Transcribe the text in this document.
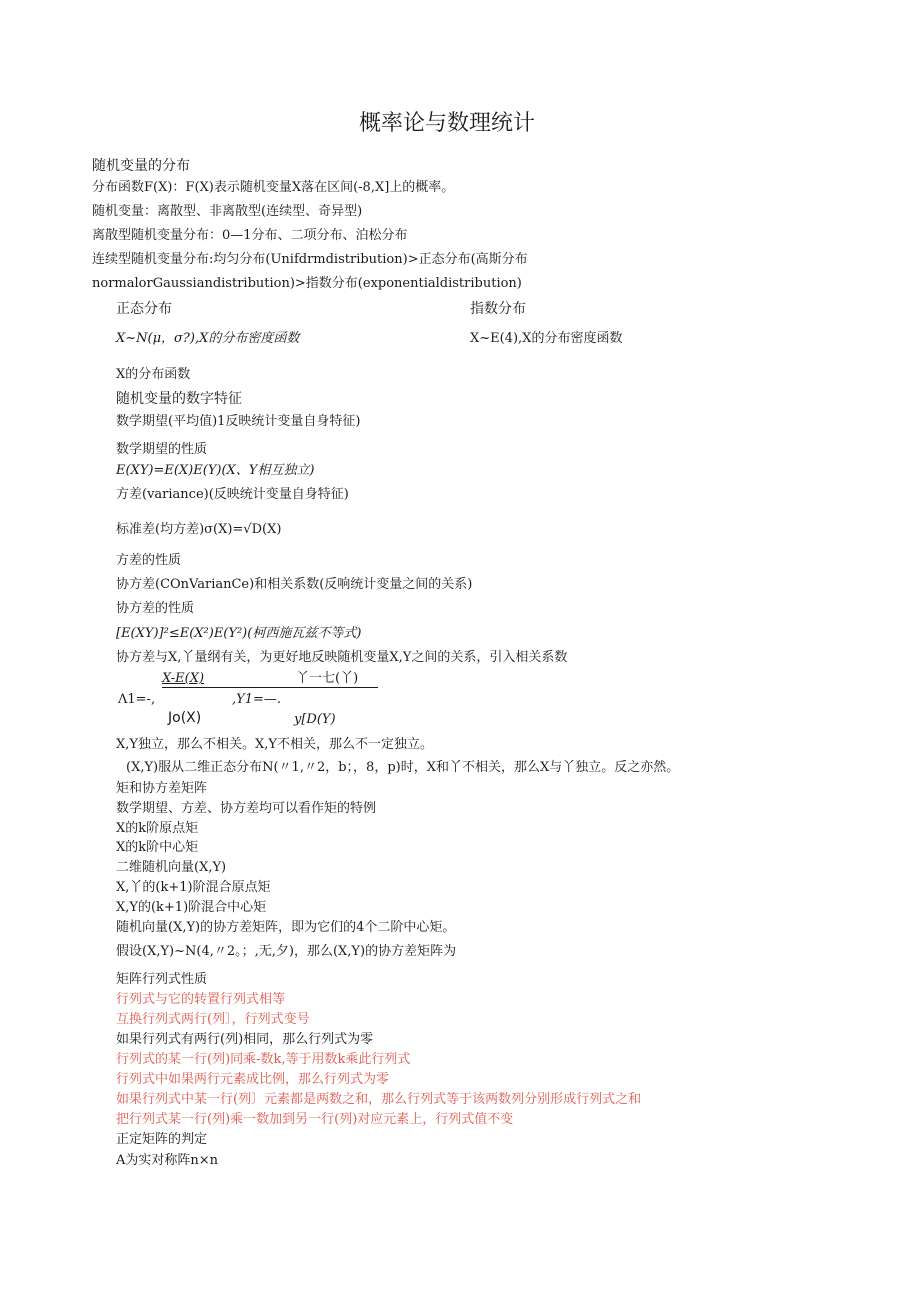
概率论与数理统计
随机变量的分布
分布函数F(X)：F(X)表示随机变量X落在区间(-8,X]上的概率。
随机变量：离散型、非离散型(连续型、奇异型)
离散型随机变量分布：0—1分布、二项分布、泊松分布
连续型随机变量分布:均匀分布(Unifdrmdistribution)>正态分布(高斯分布
normalorGaussiandistribution)>指数分布(exponentialdistribution)
正态分布	指数分布
X~N(μ，σ?),X的分布密度函数	X~E(4),X的分布密度函数
X的分布函数
随机变量的数字特征
数学期望(平均值)1反映统计变量自身特征)
数学期望的性质
E(XY)=E(X)E(Y)(X、Y相互独立)
方差(variance)(反映统计变量自身特征)
标准差(均方差)σ(X)=√D(X)
方差的性质
协方差(COnVarianCe)和相关系数(反响统计变量之间的关系)
协方差的性质
[E(XY)]²≤E(X²)E(Y²)(柯西施瓦兹不等式)
协方差与X,丫量纲有关，为更好地反映随机变量X,Y之间的关系，引入相关系数
X-E(X)	丫一七(丫)
Λ1=-,	,Y1=—.
Jo(X)	y[D(Y)
X,Y独立，那么不相关。X,Y不相关，那么不一定独立。
(X,Y)服从二维正态分布N(〃1,〃2，b；，8，p)时，X和丫不相关，那么X与丫独立。反之亦然。
矩和协方差矩阵
数学期望、方差、协方差均可以看作矩的特例
X的k阶原点矩
X的k阶中心矩
二维随机向量(X,Y)
X,丫的(k+1)阶混合原点矩
X,Y的(k+1)阶混合中心矩
随机向量(X,Y)的协方差矩阵，即为它们的4个二阶中心矩。
假设(X,Y)~N(4,〃2。；,无,夕)，那么(X,Y)的协方差矩阵为
矩阵行列式性质
行列式与它的转置行列式相等
互换行列式两行(列〕，行列式变号
如果行列式有两行(列)相同，那么行列式为零
行列式的某一行(列)同乘-数k,等于用数k乘此行列式
行列式中如果两行元素成比例，那么行列式为零
如果行列式中某一行(列〕元素都是两数之和，那么行列式等于该两数列分别形成行列式之和
把行列式某一行(列)乘一数加到另一行(列)对应元素上，行列式值不变
正定矩阵的判定
A为实对称阵n×n
